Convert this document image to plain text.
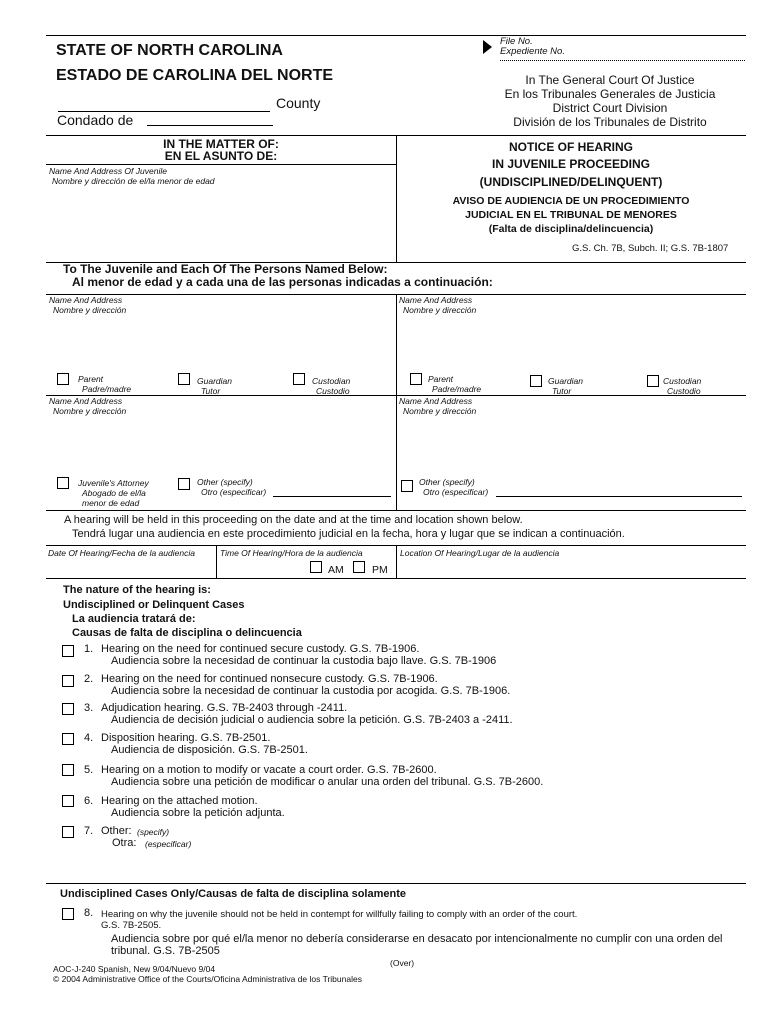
File No.
Expediente No.
STATE OF NORTH CAROLINA
ESTADO DE CAROLINA DEL NORTE
County
Condado de
In The General Court Of Justice
En los Tribunales Generales de Justicia
District Court Division
División de los Tribunales de Distrito
IN THE MATTER OF:
EN EL ASUNTO DE:
Name And Address Of Juvenile
Nombre y dirección de el/la menor de edad
NOTICE OF HEARING
IN JUVENILE PROCEEDING
(UNDISCIPLINED/DELINQUENT)
AVISO DE AUDIENCIA DE UN PROCEDIMIENTO
JUDICIAL EN EL TRIBUNAL DE MENORES
(Falta de disciplina/delincuencia)
G.S. Ch. 7B, Subch. II; G.S. 7B-1807
To The Juvenile and Each Of The Persons Named Below:
Al menor de edad y a cada una de las personas indicadas a continuación:
Name And Address
Nombre y dirección
Parent
Padre/madre
Guardian
Tutor
Custodian
Custodio
Name And Address
Nombre y dirección
Parent
Padre/madre
Guardian
Tutor
Custodian
Custodio
Name And Address
Nombre y dirección
Juvenile's Attorney
Abogado de el/la
menor de edad
Other (specify)
Otro (especificar)
Name And Address
Nombre y dirección
Other (specify)
Otro (especificar)
A hearing will be held in this proceeding on the date and at the time and location shown below.
Tendrá lugar una audiencia en este procedimiento judicial en la fecha, hora y lugar que se indican a continuación.
Date Of Hearing/Fecha de la audiencia	Time Of Hearing/Hora de la audiencia
AM	PM
Location Of Hearing/Lugar de la audiencia
The nature of the hearing is:
Undisciplined or Delinquent Cases
La audiencia tratará de:
Causas de falta de disciplina o delincuencia
1. Hearing on the need for continued secure custody. G.S. 7B-1906.
Audiencia sobre la necesidad de continuar la custodia bajo llave. G.S. 7B-1906
2. Hearing on the need for continued nonsecure custody. G.S. 7B-1906.
Audiencia sobre la necesidad de continuar la custodia por acogida. G.S. 7B-1906.
3. Adjudication hearing. G.S. 7B-2403 through -2411.
Audiencia de decisión judicial o audiencia sobre la petición. G.S. 7B-2403 a -2411.
4. Disposition hearing. G.S. 7B-2501.
Audiencia de disposición. G.S. 7B-2501.
5. Hearing on a motion to modify or vacate a court order. G.S. 7B-2600.
Audiencia sobre una petición de modificar o anular una orden del tribunal. G.S. 7B-2600.
6. Hearing on the attached motion.
Audiencia sobre la petición adjunta.
7. Other: (specify)
Otra: (especificar)
Undisciplined Cases Only/Causas de falta de disciplina solamente
8. Hearing on why the juvenile should not be held in contempt for willfully failing to comply with an order of the court.
G.S. 7B-2505.
Audiencia sobre por qué el/la menor no debería considerarse en desacato por intencionalmente no cumplir con una orden del
tribunal. G.S. 7B-2505
(Over)
AOC-J-240 Spanish, New 9/04/Nuevo 9/04
© 2004 Administrative Office of the Courts/Oficina Administrativa de los Tribunales
